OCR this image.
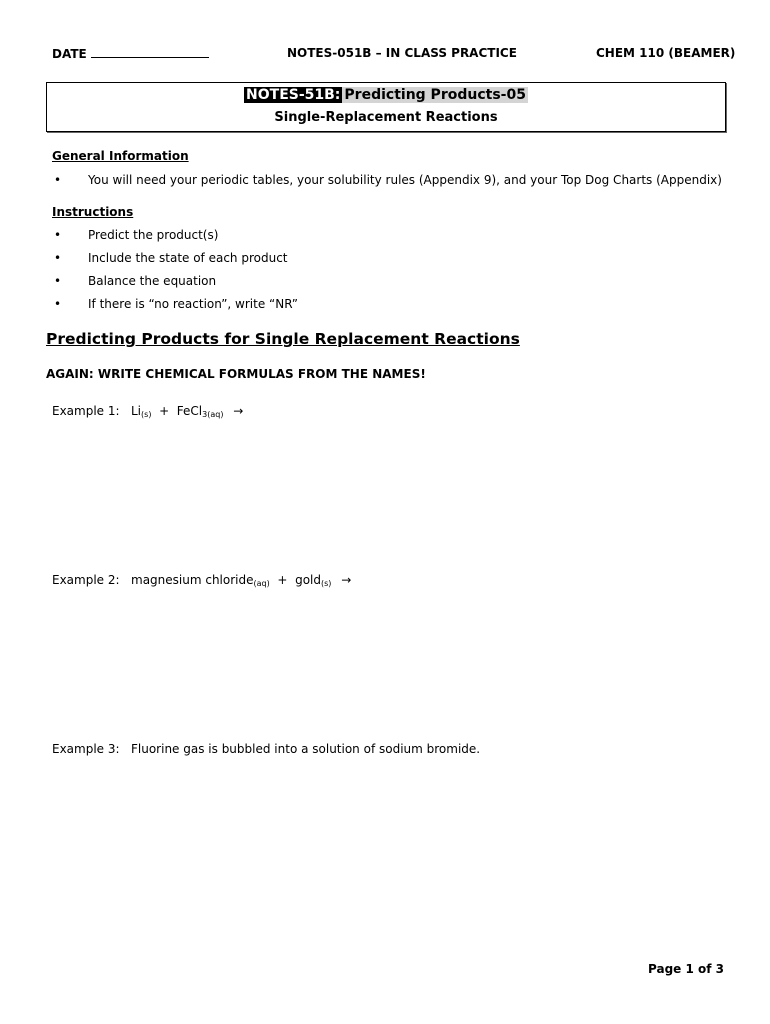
DATE	NOTES-051B – IN CLASS PRACTICE	CHEM 110 (BEAMER)
NOTES-51B: Predicting Products-05
Single-Replacement Reactions
General Information
• You will need your periodic tables, your solubility rules (Appendix 9), and your Top Dog Charts (Appendix)
Instructions
• Predict the product(s)
• Include the state of each product
• Balance the equation
• If there is “no reaction”, write “NR”
Predicting Products for Single Replacement Reactions
AGAIN: WRITE CHEMICAL FORMULAS FROM THE NAMES!
Example 1: $Li_{(s)}$ + FeCl$_{3(aq)}$ →
Example 2: magnesium chloride$_{(aq)}$ + gold$_{(s)}$ →
Example 3: Fluorine gas is bubbled into a solution of sodium bromide.
Page 1 of 3
